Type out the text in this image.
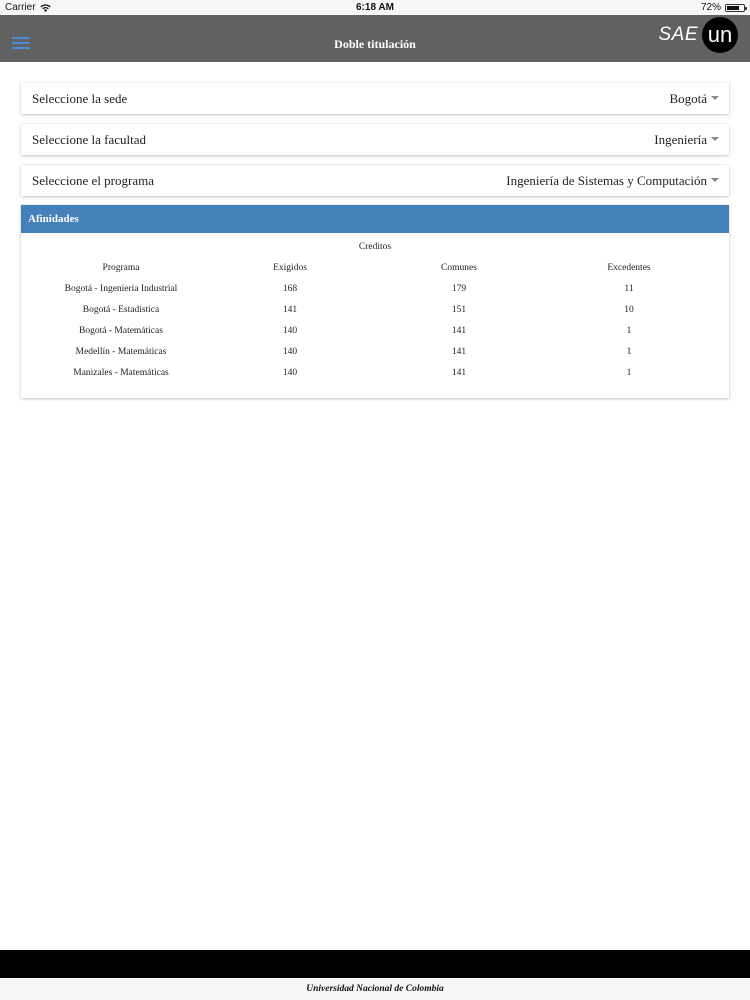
Carrier	6:18 AM	72%
Doble titulación	SAE un
Seleccione la sede	Bogotá
Seleccione la facultad	Ingeniería
Seleccione el programa	Ingeniería de Sistemas y Computación
Afinidades
Creditos
Programa	Exigidos	Comunes	Excedentes
Bogotá - Ingeniería Industrial	168	179	11
Bogotá - Estadística	141	151	10
Bogotá - Matemáticas	140	141	1
Medellín - Matemáticas	140	141	1
Manizales - Matemáticas	140	141	1
Universidad Nacional de Colombia
